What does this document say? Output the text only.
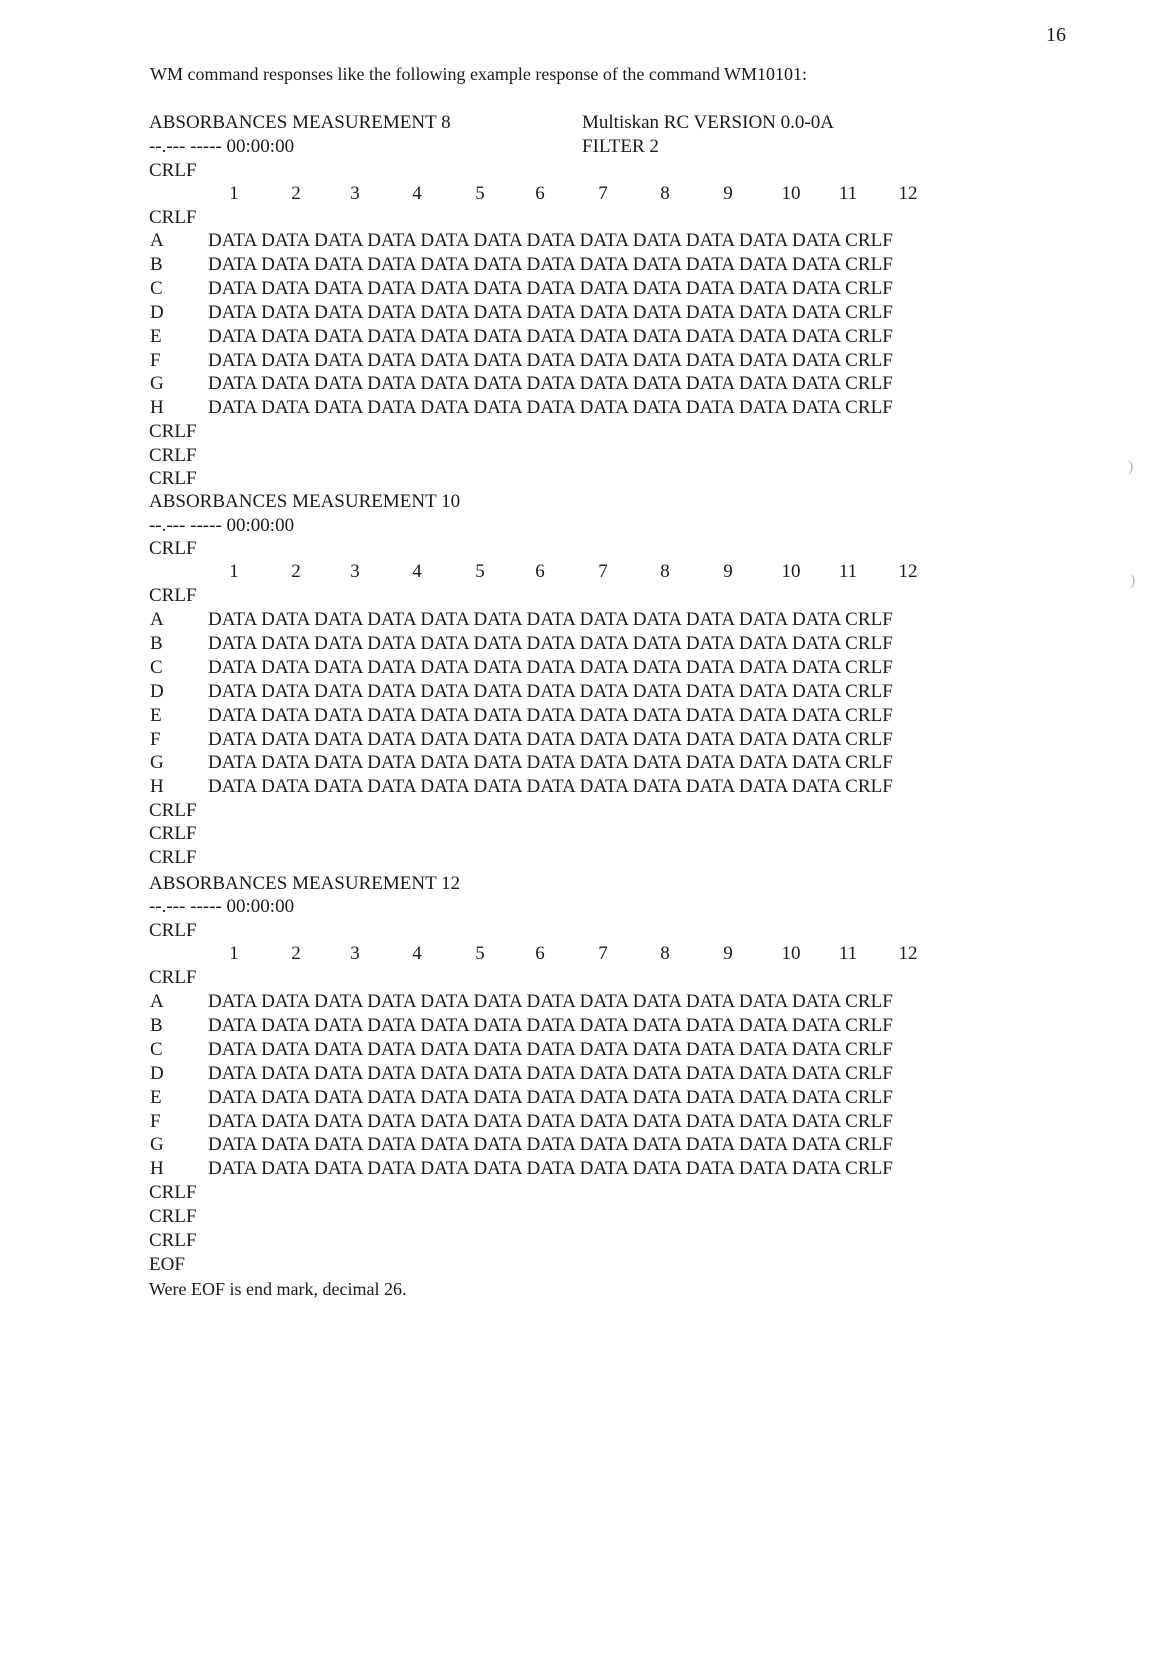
16
WM command responses like the following example response of the command WM10101:
ABSORBANCES MEASUREMENT 8	Multiskan RC VERSION 0.0-0A
--.--- ----- 00:00:00	FILTER 2
CRLF
1	2	3	4	5	6	7	8	9	10 11 12
CRLF
A DATA DATA DATA DATA DATA DATA DATA DATA DATA DATA DATA DATA CRLF
B DATA DATA DATA DATA DATA DATA DATA DATA DATA DATA DATA DATA CRLF
C DATA DATA DATA DATA DATA DATA DATA DATA DATA DATA DATA DATA CRLF
D DATA DATA DATA DATA DATA DATA DATA DATA DATA DATA DATA DATA CRLF
E DATA DATA DATA DATA DATA DATA DATA DATA DATA DATA DATA DATA CRLF
F DATA DATA DATA DATA DATA DATA DATA DATA DATA DATA DATA DATA CRLF
G DATA DATA DATA DATA DATA DATA DATA DATA DATA DATA DATA DATA CRLF
H DATA DATA DATA DATA DATA DATA DATA DATA DATA DATA DATA DATA CRLF
CRLF
CRLF
CRLF
ABSORBANCES MEASUREMENT 10
--.--- ----- 00:00:00
CRLF
1	2	3	4	5	6	7	8	9	10 11 12
CRLF
A DATA DATA DATA DATA DATA DATA DATA DATA DATA DATA DATA DATA CRLF
B DATA DATA DATA DATA DATA DATA DATA DATA DATA DATA DATA DATA CRLF
C DATA DATA DATA DATA DATA DATA DATA DATA DATA DATA DATA DATA CRLF
D DATA DATA DATA DATA DATA DATA DATA DATA DATA DATA DATA DATA CRLF
E DATA DATA DATA DATA DATA DATA DATA DATA DATA DATA DATA DATA CRLF
F DATA DATA DATA DATA DATA DATA DATA DATA DATA DATA DATA DATA CRLF
G DATA DATA DATA DATA DATA DATA DATA DATA DATA DATA DATA DATA CRLF
H DATA DATA DATA DATA DATA DATA DATA DATA DATA DATA DATA DATA CRLF
CRLF
CRLF
CRLF
ABSORBANCES MEASUREMENT 12
--.--- ----- 00:00:00
CRLF
1	2	3	4	5	6	7	8	9	10 11 12
CRLF
A DATA DATA DATA DATA DATA DATA DATA DATA DATA DATA DATA DATA CRLF
B DATA DATA DATA DATA DATA DATA DATA DATA DATA DATA DATA DATA CRLF
C DATA DATA DATA DATA DATA DATA DATA DATA DATA DATA DATA DATA CRLF
D DATA DATA DATA DATA DATA DATA DATA DATA DATA DATA DATA DATA CRLF
E DATA DATA DATA DATA DATA DATA DATA DATA DATA DATA DATA DATA CRLF
F DATA DATA DATA DATA DATA DATA DATA DATA DATA DATA DATA DATA CRLF
G DATA DATA DATA DATA DATA DATA DATA DATA DATA DATA DATA DATA CRLF
H DATA DATA DATA DATA DATA DATA DATA DATA DATA DATA DATA DATA CRLF
CRLF
CRLF
CRLF
EOF
Were EOF is end mark, decimal 26.
)
)
